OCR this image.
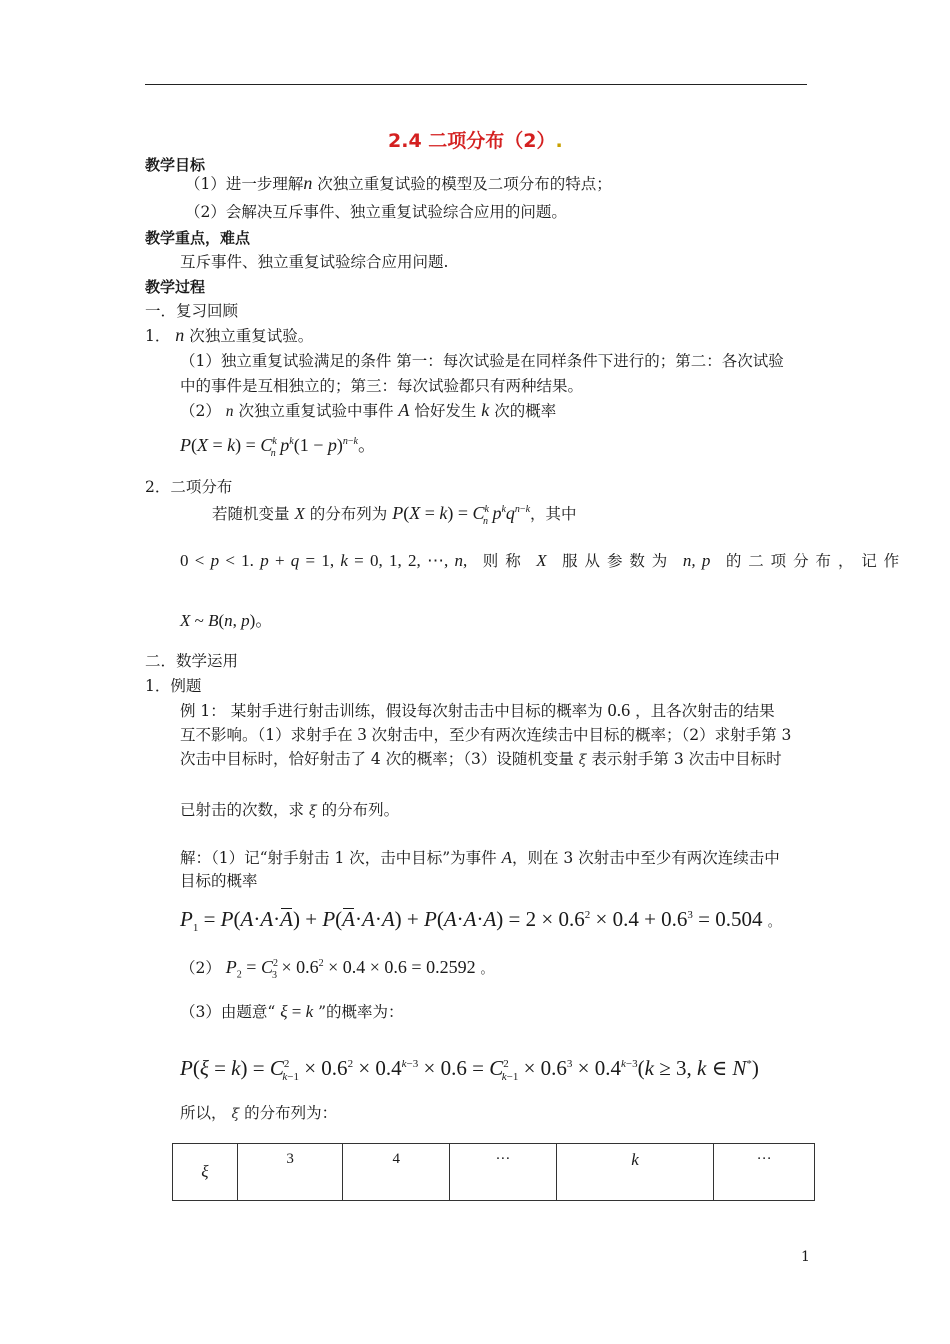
2.4 二项分布（2）.
教学目标
（1）进一步理解n 次独立重复试验的模型及二项分布的特点；
（2）会解决互斥事件、独立重复试验综合应用的问题。
教学重点，难点
互斥事件、独立重复试验综合应用问题.
教学过程
一．复习回顾
1． n 次独立重复试验。
（1）独立重复试验满足的条件 第一：每次试验是在同样条件下进行的；第二：各次试验
中的事件是互相独立的；第三：每次试验都只有两种结果。
（2） n 次独立重复试验中事件 A 恰好发生 k 次的概率
$P(X = k) = C^k_n$ $p^k(1 - p)^{n-k}$。
2．二项分布
若随机变量 X 的分布列为 $P(X = k) = C^k_n$ $p^kq^{n-k}$，其中
0 < p < 1. p + q = 1, k = 0, 1, 2, ⋯, n,　则 称　X　服 从 参 数 为　n, p　的 二 项 分 布 ，　记 作
X ~ B(n, p)。
二．数学运用
1．例题
例 1： 某射手进行射击训练，假设每次射击击中目标的概率为 0.6 ，且各次射击的结果
互不影响。（1）求射手在 3 次射击中，至少有两次连续击中目标的概率；（2）求射手第 3
次击中目标时，恰好射击了 4 次的概率；（3）设随机变量 ξ 表示射手第 3 次击中目标时
已射击的次数，求 ξ 的分布列。
解：（1）记“射手射击 1 次，击中目标”为事件 A，则在 3 次射击中至少有两次连续击中
目标的概率
$P_1 = P(A\cdot A\cdot A) + P(A\cdot A\cdot A) + P(A\cdot A\cdot A) = 2 \times 0.6^2 \times 0.4 + 0.6^3 = 0.504$ 。
（2） $P_2 = C^2_3 \times 0.6^2 \times 0.4 \times 0.6 = 0.2592$ 。
（3）由题意“ ξ = k ”的概率为：
$P(\xi = k) = C^2_{k-1} \times 0.6^2 \times 0.4^{k-3} \times 0.6 = C^2_{k-1} \times 0.6^3 \times 0.4^{k-3}(k \ge 3$, k ∈ N*)
所以， ξ 的分布列为：
ξ	3	4	···	k	···
1
